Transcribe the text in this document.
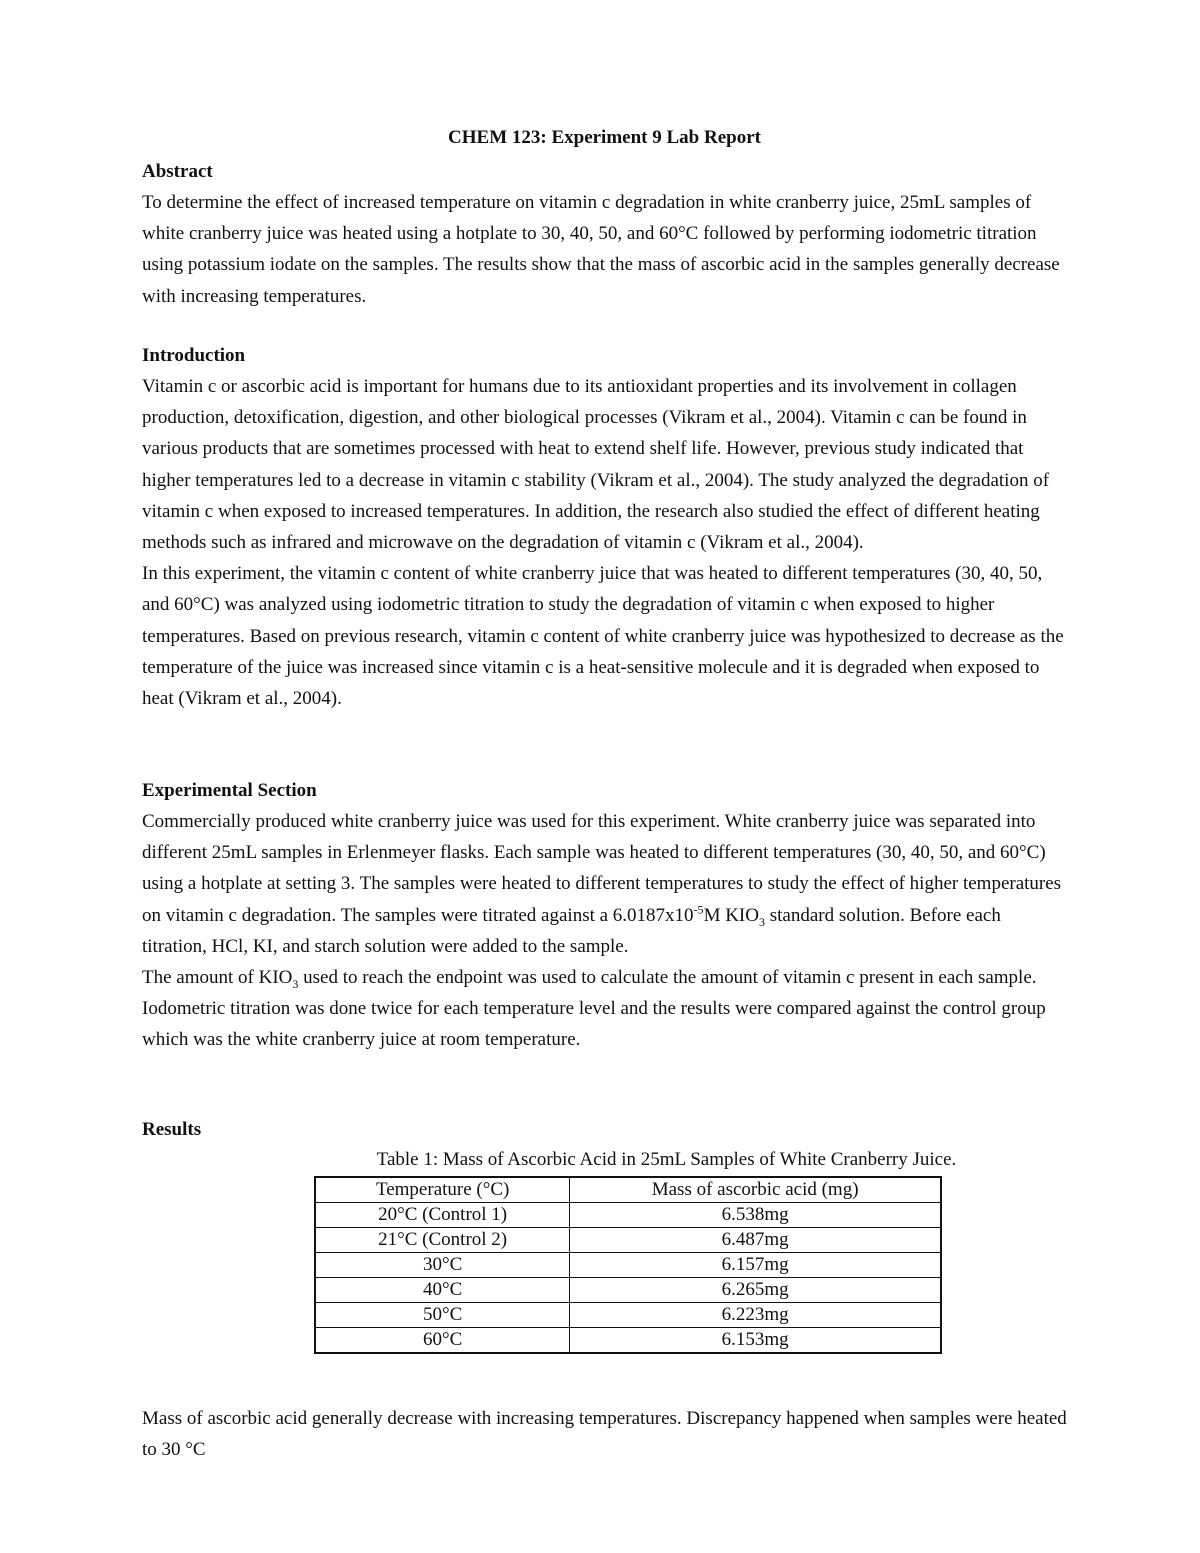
CHEM 123: Experiment 9 Lab Report

Abstract

To determine the effect of increased temperature on vitamin c degradation in white cranberry juice, 25mL samples of white cranberry juice was heated using a hotplate to 30, 40, 50, and 60°C followed by performing iodometric titration using potassium iodate on the samples. The results show that the mass of ascorbic acid in the samples generally decrease with increasing temperatures.

Introduction

Vitamin c or ascorbic acid is important for humans due to its antioxidant properties and its involvement in collagen production, detoxification, digestion, and other biological processes (Vikram et al., 2004). Vitamin c can be found in various products that are sometimes processed with heat to extend shelf life. However, previous study indicated that higher temperatures led to a decrease in vitamin c stability (Vikram et al., 2004). The study analyzed the degradation of vitamin c when exposed to increased temperatures. In addition, the research also studied the effect of different heating methods such as infrared and microwave on the degradation of vitamin c (Vikram et al., 2004).

In this experiment, the vitamin c content of white cranberry juice that was heated to different temperatures (30, 40, 50, and 60°C) was analyzed using iodometric titration to study the degradation of vitamin c when exposed to higher temperatures. Based on previous research, vitamin c content of white cranberry juice was hypothesized to decrease as the temperature of the juice was increased since vitamin c is a heat-sensitive molecule and it is degraded when exposed to heat (Vikram et al., 2004).

Experimental Section

Commercially produced white cranberry juice was used for this experiment. White cranberry juice was separated into different 25mL samples in Erlenmeyer flasks. Each sample was heated to different temperatures (30, 40, 50, and 60°C) using a hotplate at setting 3. The samples were heated to different temperatures to study the effect of higher temperatures on vitamin c degradation. The samples were titrated against a $6.0187x10^{-5}M$ $KIO_3$ standard solution. Before each titration, HCl, KI, and starch solution were added to the sample.

The amount of $KIO_3$ used to reach the endpoint was used to calculate the amount of vitamin c present in each sample. Iodometric titration was done twice for each temperature level and the results were compared against the control group which was the white cranberry juice at room temperature.

Results

Table 1: Mass of Ascorbic Acid in 25mL Samples of White Cranberry Juice.

Temperature (°C)	Mass of ascorbic acid (mg)
20°C (Control 1)	6.538mg
21°C (Control 2)	6.487mg
30°C	6.157mg
40°C	6.265mg
50°C	6.223mg
60°C	6.153mg

Mass of ascorbic acid generally decrease with increasing temperatures. Discrepancy happened when samples were heated to 30 °C
